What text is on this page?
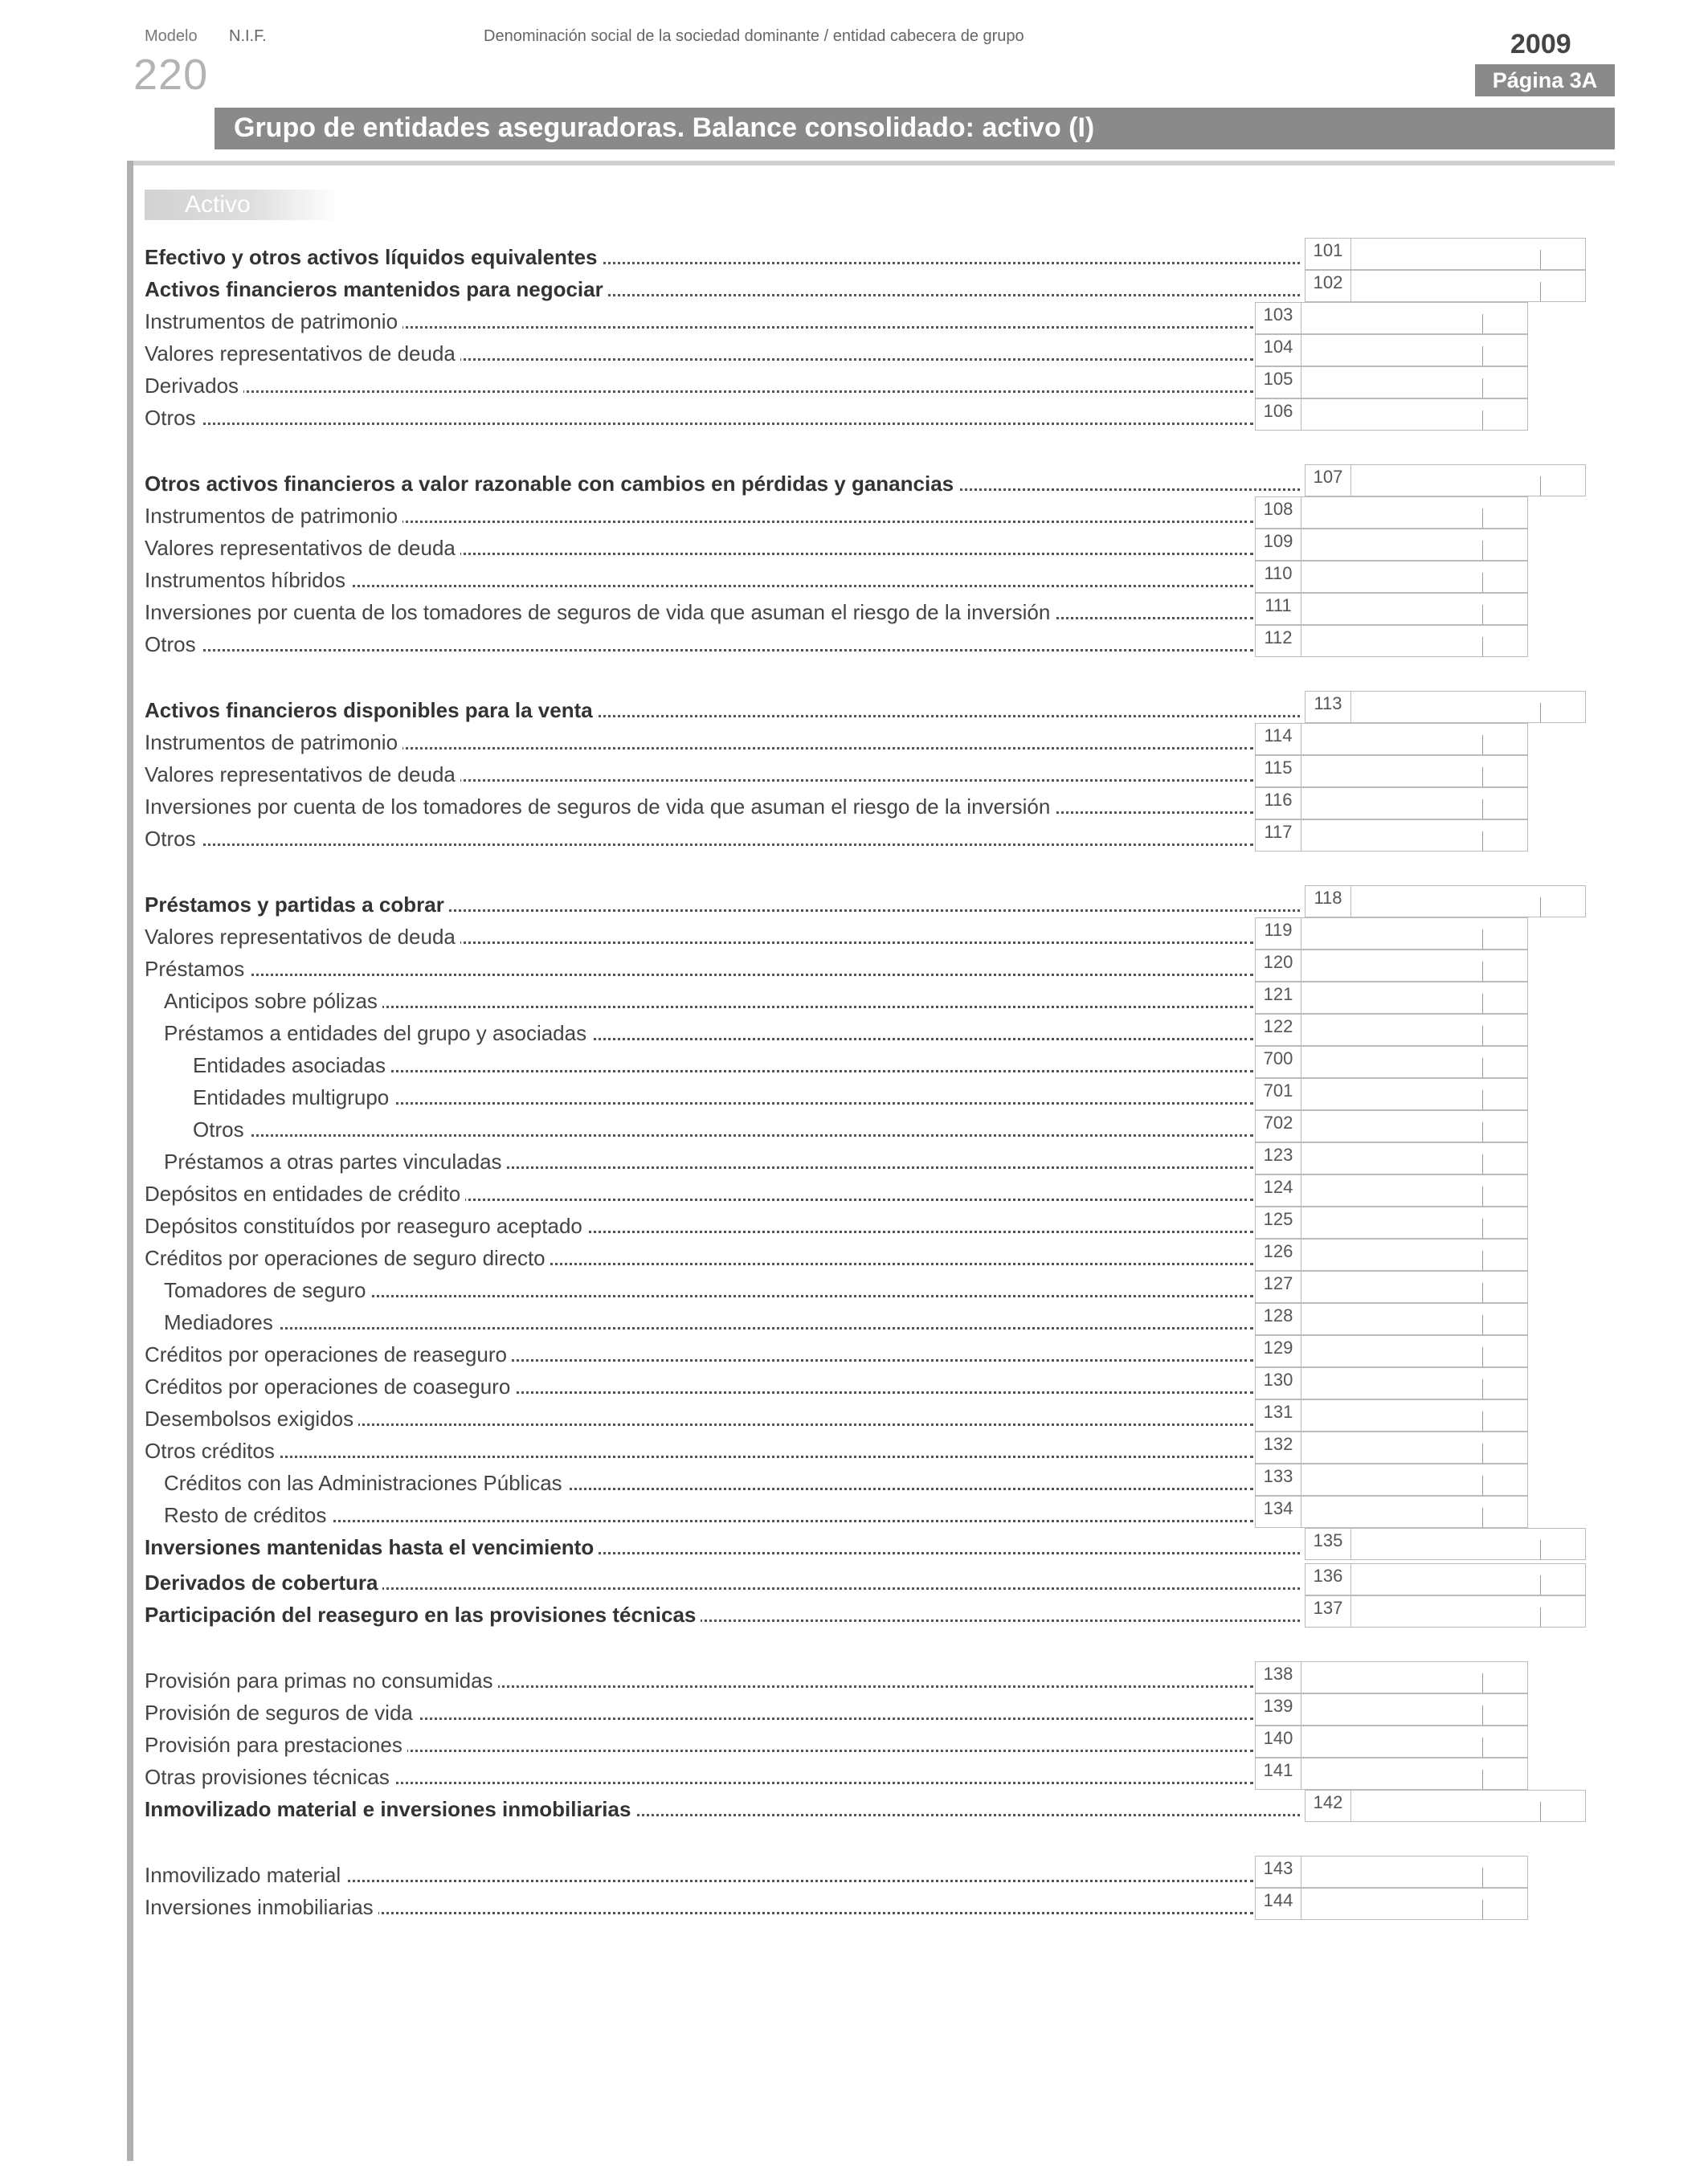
Modelo
220
N.I.F.	Denominación social de la sociedad dominante / entidad cabecera de grupo	2009
Página 3A
Grupo de entidades aseguradoras. Balance consolidado: activo (I)
Activo
Efectivo y otros activos líquidos equivalentes	101
Activos financieros mantenidos para negociar	102
Instrumentos de patrimonio	103
Valores representativos de deuda	104
Derivados	105
Otros	106
Otros activos financieros a valor razonable con cambios en pérdidas y ganancias	107
Instrumentos de patrimonio	108
Valores representativos de deuda	109
Instrumentos híbridos	110
Inversiones por cuenta de los tomadores de seguros de vida que asuman el riesgo de la inversión	111
Otros	112
Activos financieros disponibles para la venta	113
Instrumentos de patrimonio	114
Valores representativos de deuda	115
Inversiones por cuenta de los tomadores de seguros de vida que asuman el riesgo de la inversión	116
Otros	117
Préstamos y partidas a cobrar	118
Valores representativos de deuda	119
Préstamos	120
Anticipos sobre pólizas	121
Préstamos a entidades del grupo y asociadas	122
Entidades asociadas	700
Entidades multigrupo	701
Otros	702
Préstamos a otras partes vinculadas	123
Depósitos en entidades de crédito	124
Depósitos constituídos por reaseguro aceptado	125
Créditos por operaciones de seguro directo	126
Tomadores de seguro	127
Mediadores	128
Créditos por operaciones de reaseguro	129
Créditos por operaciones de coaseguro	130
Desembolsos exigidos	131
Otros créditos	132
Créditos con las Administraciones Públicas	133
Resto de créditos	134
Inversiones mantenidas hasta el vencimiento	135
Derivados de cobertura	136
Participación del reaseguro en las provisiones técnicas	137
Provisión para primas no consumidas	138
Provisión de seguros de vida	139
Provisión para prestaciones	140
Otras provisiones técnicas	141
Inmovilizado material e inversiones inmobiliarias	142
Inmovilizado material	143
Inversiones inmobiliarias	144
